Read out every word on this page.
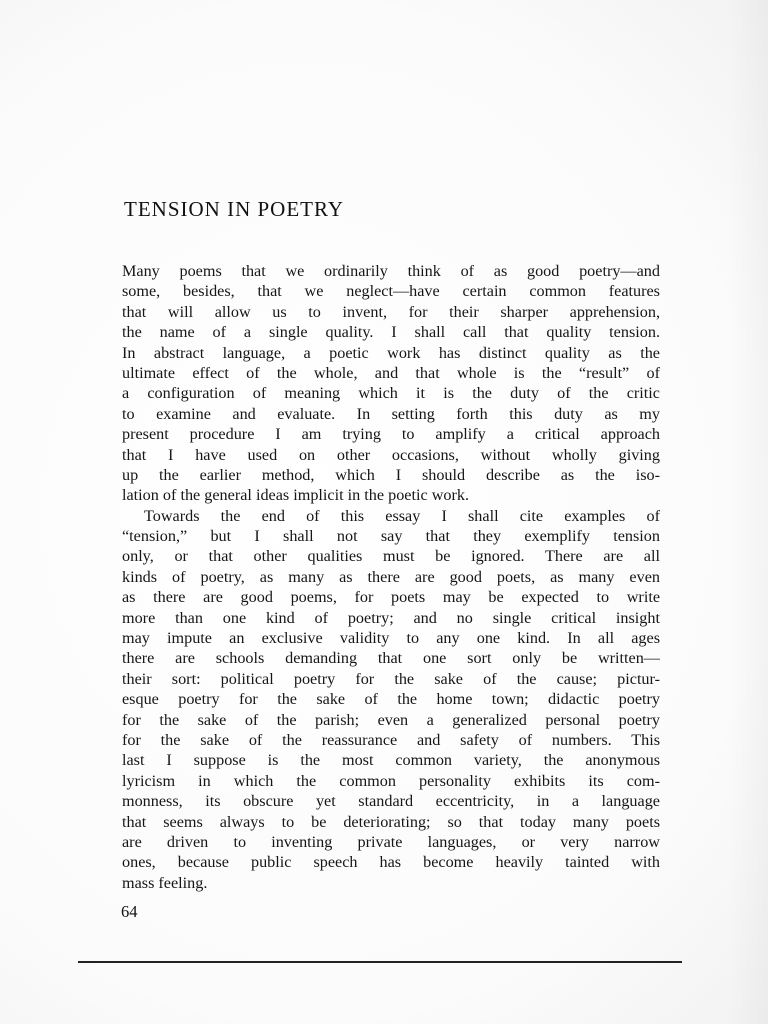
TENSION IN POETRY
Many poems that we ordinarily think of as good poetry—and
some, besides, that we neglect—have certain common features
that will allow us to invent, for their sharper apprehension,
the name of a single quality. I shall call that quality tension.
In abstract language, a poetic work has distinct quality as the
ultimate effect of the whole, and that whole is the “result” of
a configuration of meaning which it is the duty of the critic
to examine and evaluate. In setting forth this duty as my
present procedure I am trying to amplify a critical approach
that I have used on other occasions, without wholly giving
up the earlier method, which I should describe as the iso-
lation of the general ideas implicit in the poetic work.
Towards the end of this essay I shall cite examples of
“tension,” but I shall not say that they exemplify tension
only, or that other qualities must be ignored. There are all
kinds of poetry, as many as there are good poets, as many even
as there are good poems, for poets may be expected to write
more than one kind of poetry; and no single critical insight
may impute an exclusive validity to any one kind. In all ages
there are schools demanding that one sort only be written—
their sort: political poetry for the sake of the cause; pictur-
esque poetry for the sake of the home town; didactic poetry
for the sake of the parish; even a generalized personal poetry
for the sake of the reassurance and safety of numbers. This
last I suppose is the most common variety, the anonymous
lyricism in which the common personality exhibits its com-
monness, its obscure yet standard eccentricity, in a language
that seems always to be deteriorating; so that today many poets
are driven to inventing private languages, or very narrow
ones, because public speech has become heavily tainted with
mass feeling.
64
